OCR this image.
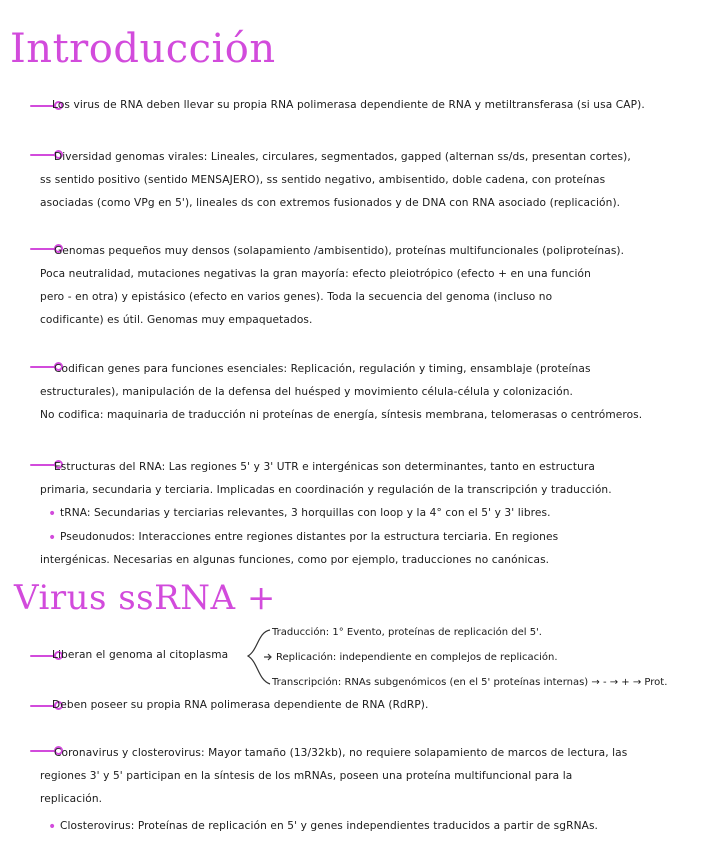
Introducción
Los virus de RNA deben llevar su propia RNA polimerasa dependiente de RNA y metiltransferasa (si usa CAP).
Diversidad genomas virales: Lineales, circulares, segmentados, gapped (alternan ss/ds, presentan cortes),
ss sentido positivo (sentido MENSAJERO), ss sentido negativo, ambisentido, doble cadena, con proteínas
asociadas (como VPg en 5'), lineales ds con extremos fusionados y de DNA con RNA asociado (replicación).
Genomas pequeños muy densos (solapamiento /ambisentido), proteínas multifuncionales (poliproteínas).
Poca neutralidad, mutaciones negativas la gran mayoría: efecto pleiotrópico (efecto + en una función
pero - en otra) y epistásico (efecto en varios genes). Toda la secuencia del genoma (incluso no
codificante) es útil. Genomas muy empaquetados.
Codifican genes para funciones esenciales: Replicación, regulación y timing, ensamblaje (proteínas
estructurales), manipulación de la defensa del huésped y movimiento célula-célula y colonización.
No codifica: maquinaria de traducción ni proteínas de energía, síntesis membrana, telomerasas o centrómeros.
Estructuras del RNA: Las regiones 5' y 3' UTR e intergénicas son determinantes, tanto en estructura
primaria, secundaria y terciaria. Implicadas en coordinación y regulación de la transcripción y traducción.
• tRNA: Secundarias y terciarias relevantes, 3 horquillas con loop y la 4° con el 5' y 3' libres.
• Pseudonudos: Interacciones entre regiones distantes por la estructura terciaria. En regiones
intergénicas. Necesarias en algunas funciones, como por ejemplo, traducciones no canónicas.
Virus ssRNA +
Liberan el genoma al citoplasma
Traducción: 1° Evento, proteínas de replicación del 5'.
Replicación: independiente en complejos de replicación.
Transcripción: RNAs subgenómicos (en el 5' proteínas internas) → - → + → Prot.
Deben poseer su propia RNA polimerasa dependiente de RNA (RdRP).
Coronavirus y closterovirus: Mayor tamaño (13/32kb), no requiere solapamiento de marcos de lectura, las
regiones 3' y 5' participan en la síntesis de los mRNAs, poseen una proteína multifuncional para la
replicación.
• Closterovirus: Proteínas de replicación en 5' y genes independientes traducidos a partir de sgRNAs.
